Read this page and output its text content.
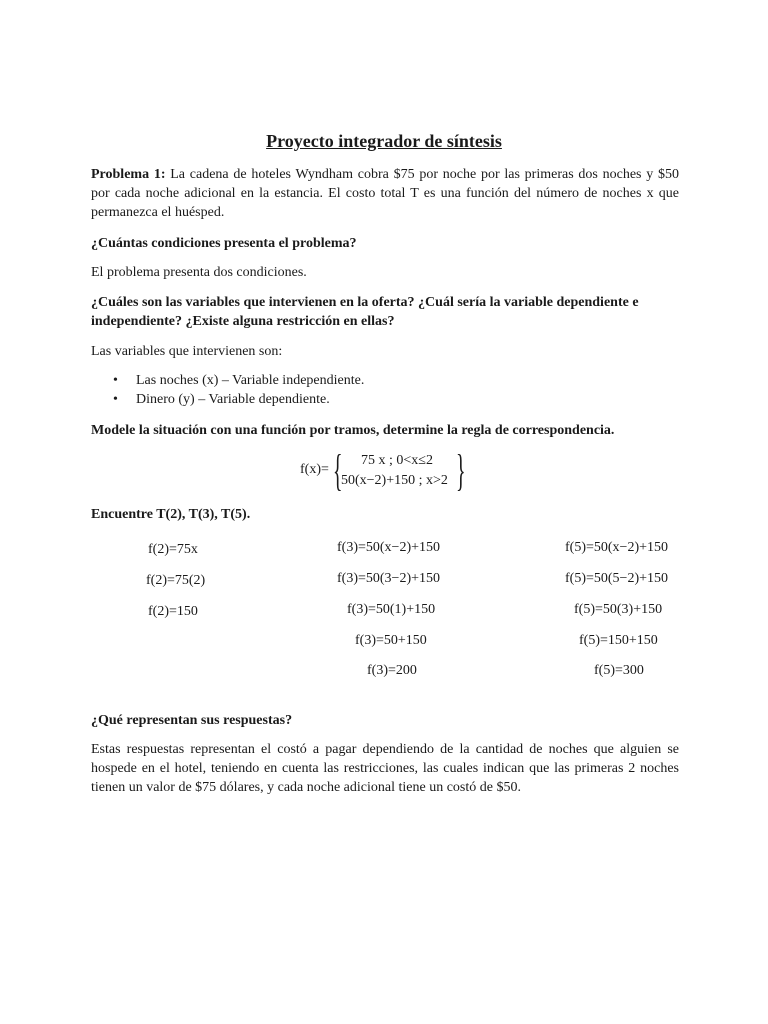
Proyecto integrador de síntesis

Problema 1: La cadena de hoteles Wyndham cobra $75 por noche por las primeras dos noches y $50 por cada noche adicional en la estancia. El costo total T es una función del número de noches x que permanezca el huésped.

¿Cuántas condiciones presenta el problema?

El problema presenta dos condiciones.

¿Cuáles son las variables que intervienen en la oferta? ¿Cuál sería la variable dependiente e independiente? ¿Existe alguna restricción en ellas?

Las variables que intervienen son:

• Las noches (x) – Variable independiente.
• Dinero (y) – Variable dependiente.

Modele la situación con una función por tramos, determine la regla de correspondencia.

f(x)= {	75 x ; 0<x≤2
50(x−2)+150 ; x>2 }

Encuentre T(2), T(3), T(5).

f(2)=75x
f(2)=75(2)
f(2)=150
f(3)=50(x−2)+150
f(3)=50(3−2)+150
f(3)=50(1)+150
f(3)=50+150
f(3)=200
f(5)=50(x−2)+150
f(5)=50(5−2)+150
f(5)=50(3)+150
f(5)=150+150
f(5)=300

¿Qué representan sus respuestas?

Estas respuestas representan el costó a pagar dependiendo de la cantidad de noches que alguien se hospede en el hotel, teniendo en cuenta las restricciones, las cuales indican que las primeras 2 noches tienen un valor de $75 dólares, y cada noche adicional tiene un costó de $50.
